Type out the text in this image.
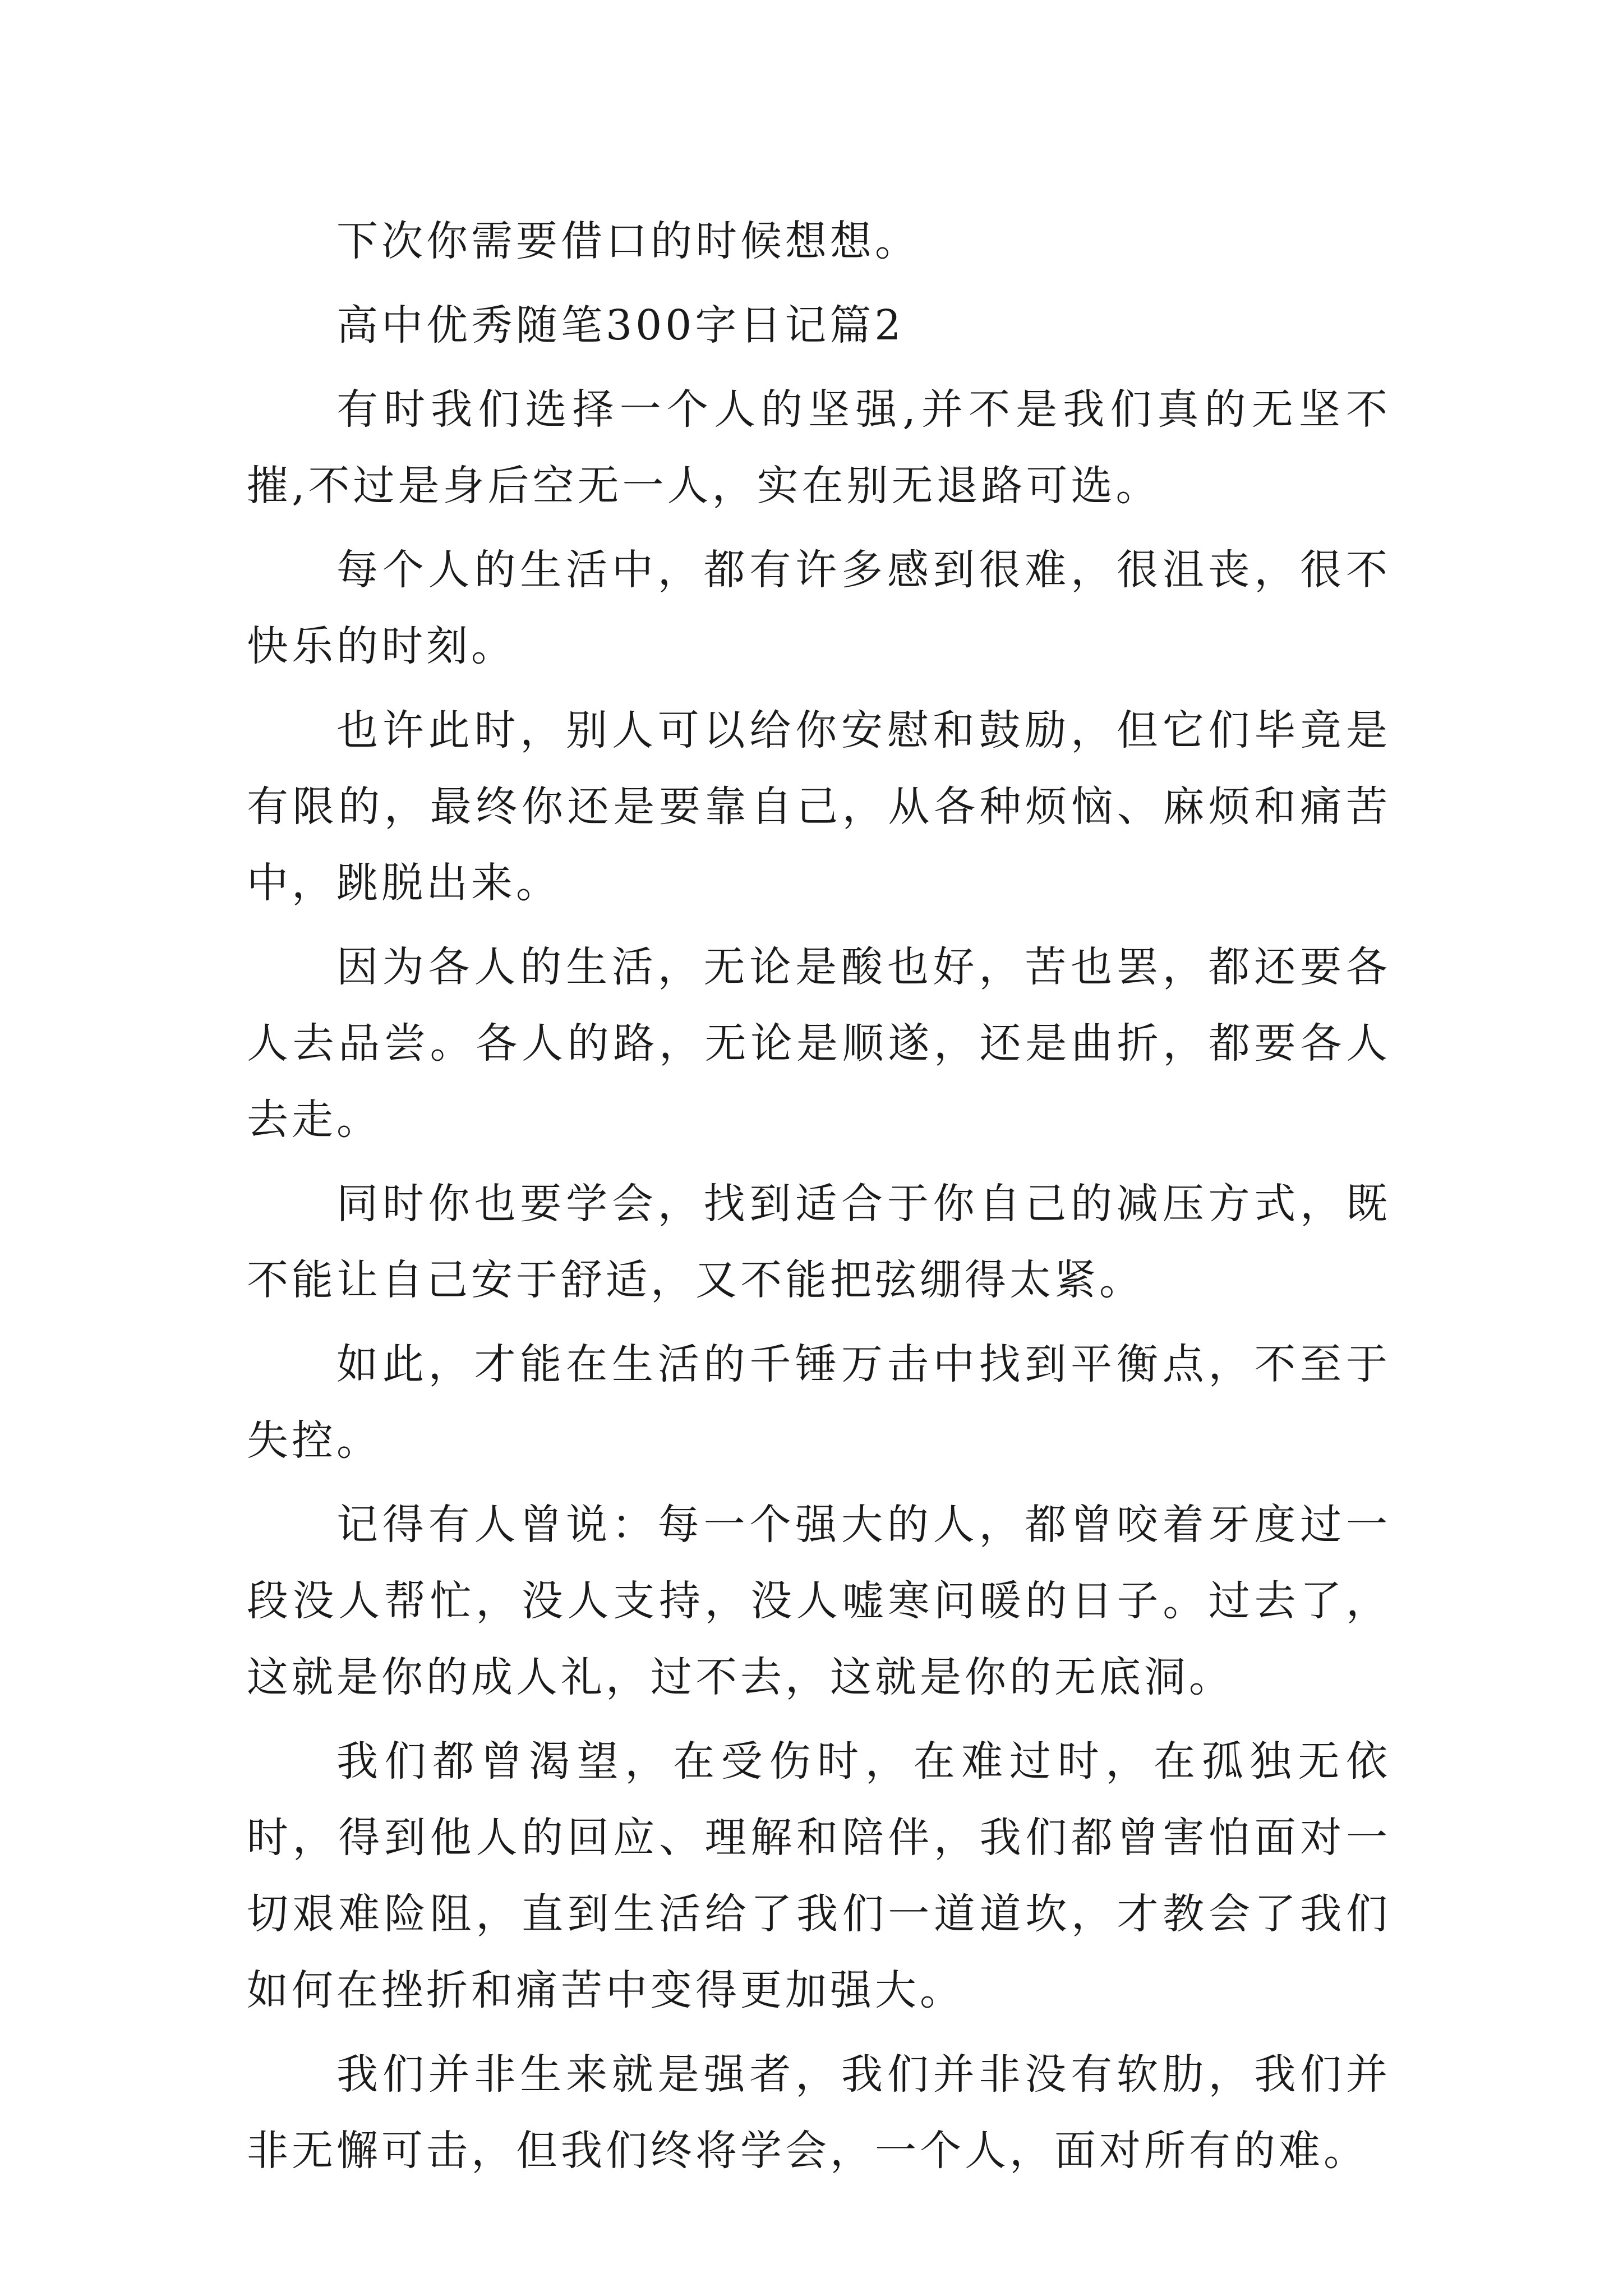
下次你需要借口的时候想想。

高中优秀随笔300字日记篇2

有时我们选择一个人的坚强,并不是我们真的无坚不摧,不过是身后空无一人，实在别无退路可选。

每个人的生活中，都有许多感到很难，很沮丧，很不快乐的时刻。

也许此时，别人可以给你安慰和鼓励，但它们毕竟是有限的，最终你还是要靠自己，从各种烦恼、麻烦和痛苦中，跳脱出来。

因为各人的生活，无论是酸也好，苦也罢，都还要各人去品尝。各人的路，无论是顺遂，还是曲折，都要各人去走。

同时你也要学会，找到适合于你自己的减压方式，既不能让自己安于舒适，又不能把弦绷得太紧。

如此，才能在生活的千锤万击中找到平衡点，不至于失控。

记得有人曾说：每一个强大的人，都曾咬着牙度过一段没人帮忙，没人支持，没人嘘寒问暖的日子。过去了，这就是你的成人礼，过不去，这就是你的无底洞。

我们都曾渴望，在受伤时，在难过时，在孤独无依时，得到他人的回应、理解和陪伴，我们都曾害怕面对一切艰难险阻，直到生活给了我们一道道坎，才教会了我们如何在挫折和痛苦中变得更加强大。

我们并非生来就是强者，我们并非没有软肋，我们并非无懈可击，但我们终将学会，一个人，面对所有的难。
